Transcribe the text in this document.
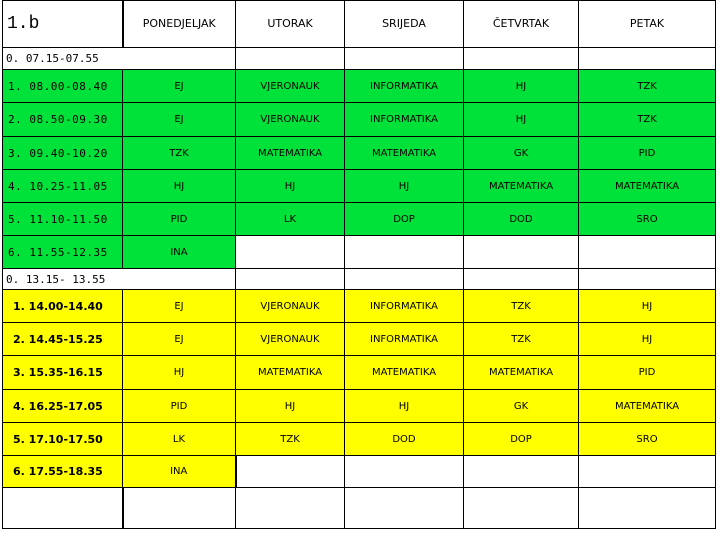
1.b	PONEDJELJAK	UTORAK	SRIJEDA	ČETVRTAK	PETAK
0. 07.15-07.55					
1. 08.00-08.40	EJ	VJERONAUK	INFORMATIKA	HJ	TZK
2. 08.50-09.30	EJ	VJERONAUK	INFORMATIKA	HJ	TZK
3. 09.40-10.20	TZK	MATEMATIKA	MATEMATIKA	GK	PID
4. 10.25-11.05	HJ	HJ	HJ	MATEMATIKA	MATEMATIKA
5. 11.10-11.50	PID	LK	DOP	DOD	SRO
6. 11.55-12.35	INA				
0. 13.15- 13.55					
1. 14.00-14.40	EJ	VJERONAUK	INFORMATIKA	TZK	HJ
2. 14.45-15.25	EJ	VJERONAUK	INFORMATIKA	TZK	HJ
3. 15.35-16.15	HJ	MATEMATIKA	MATEMATIKA	MATEMATIKA	PID
4. 16.25-17.05	PID	HJ	HJ	GK	MATEMATIKA
5. 17.10-17.50	LK	TZK	DOD	DOP	SRO
6. 17.55-18.35	INA				
